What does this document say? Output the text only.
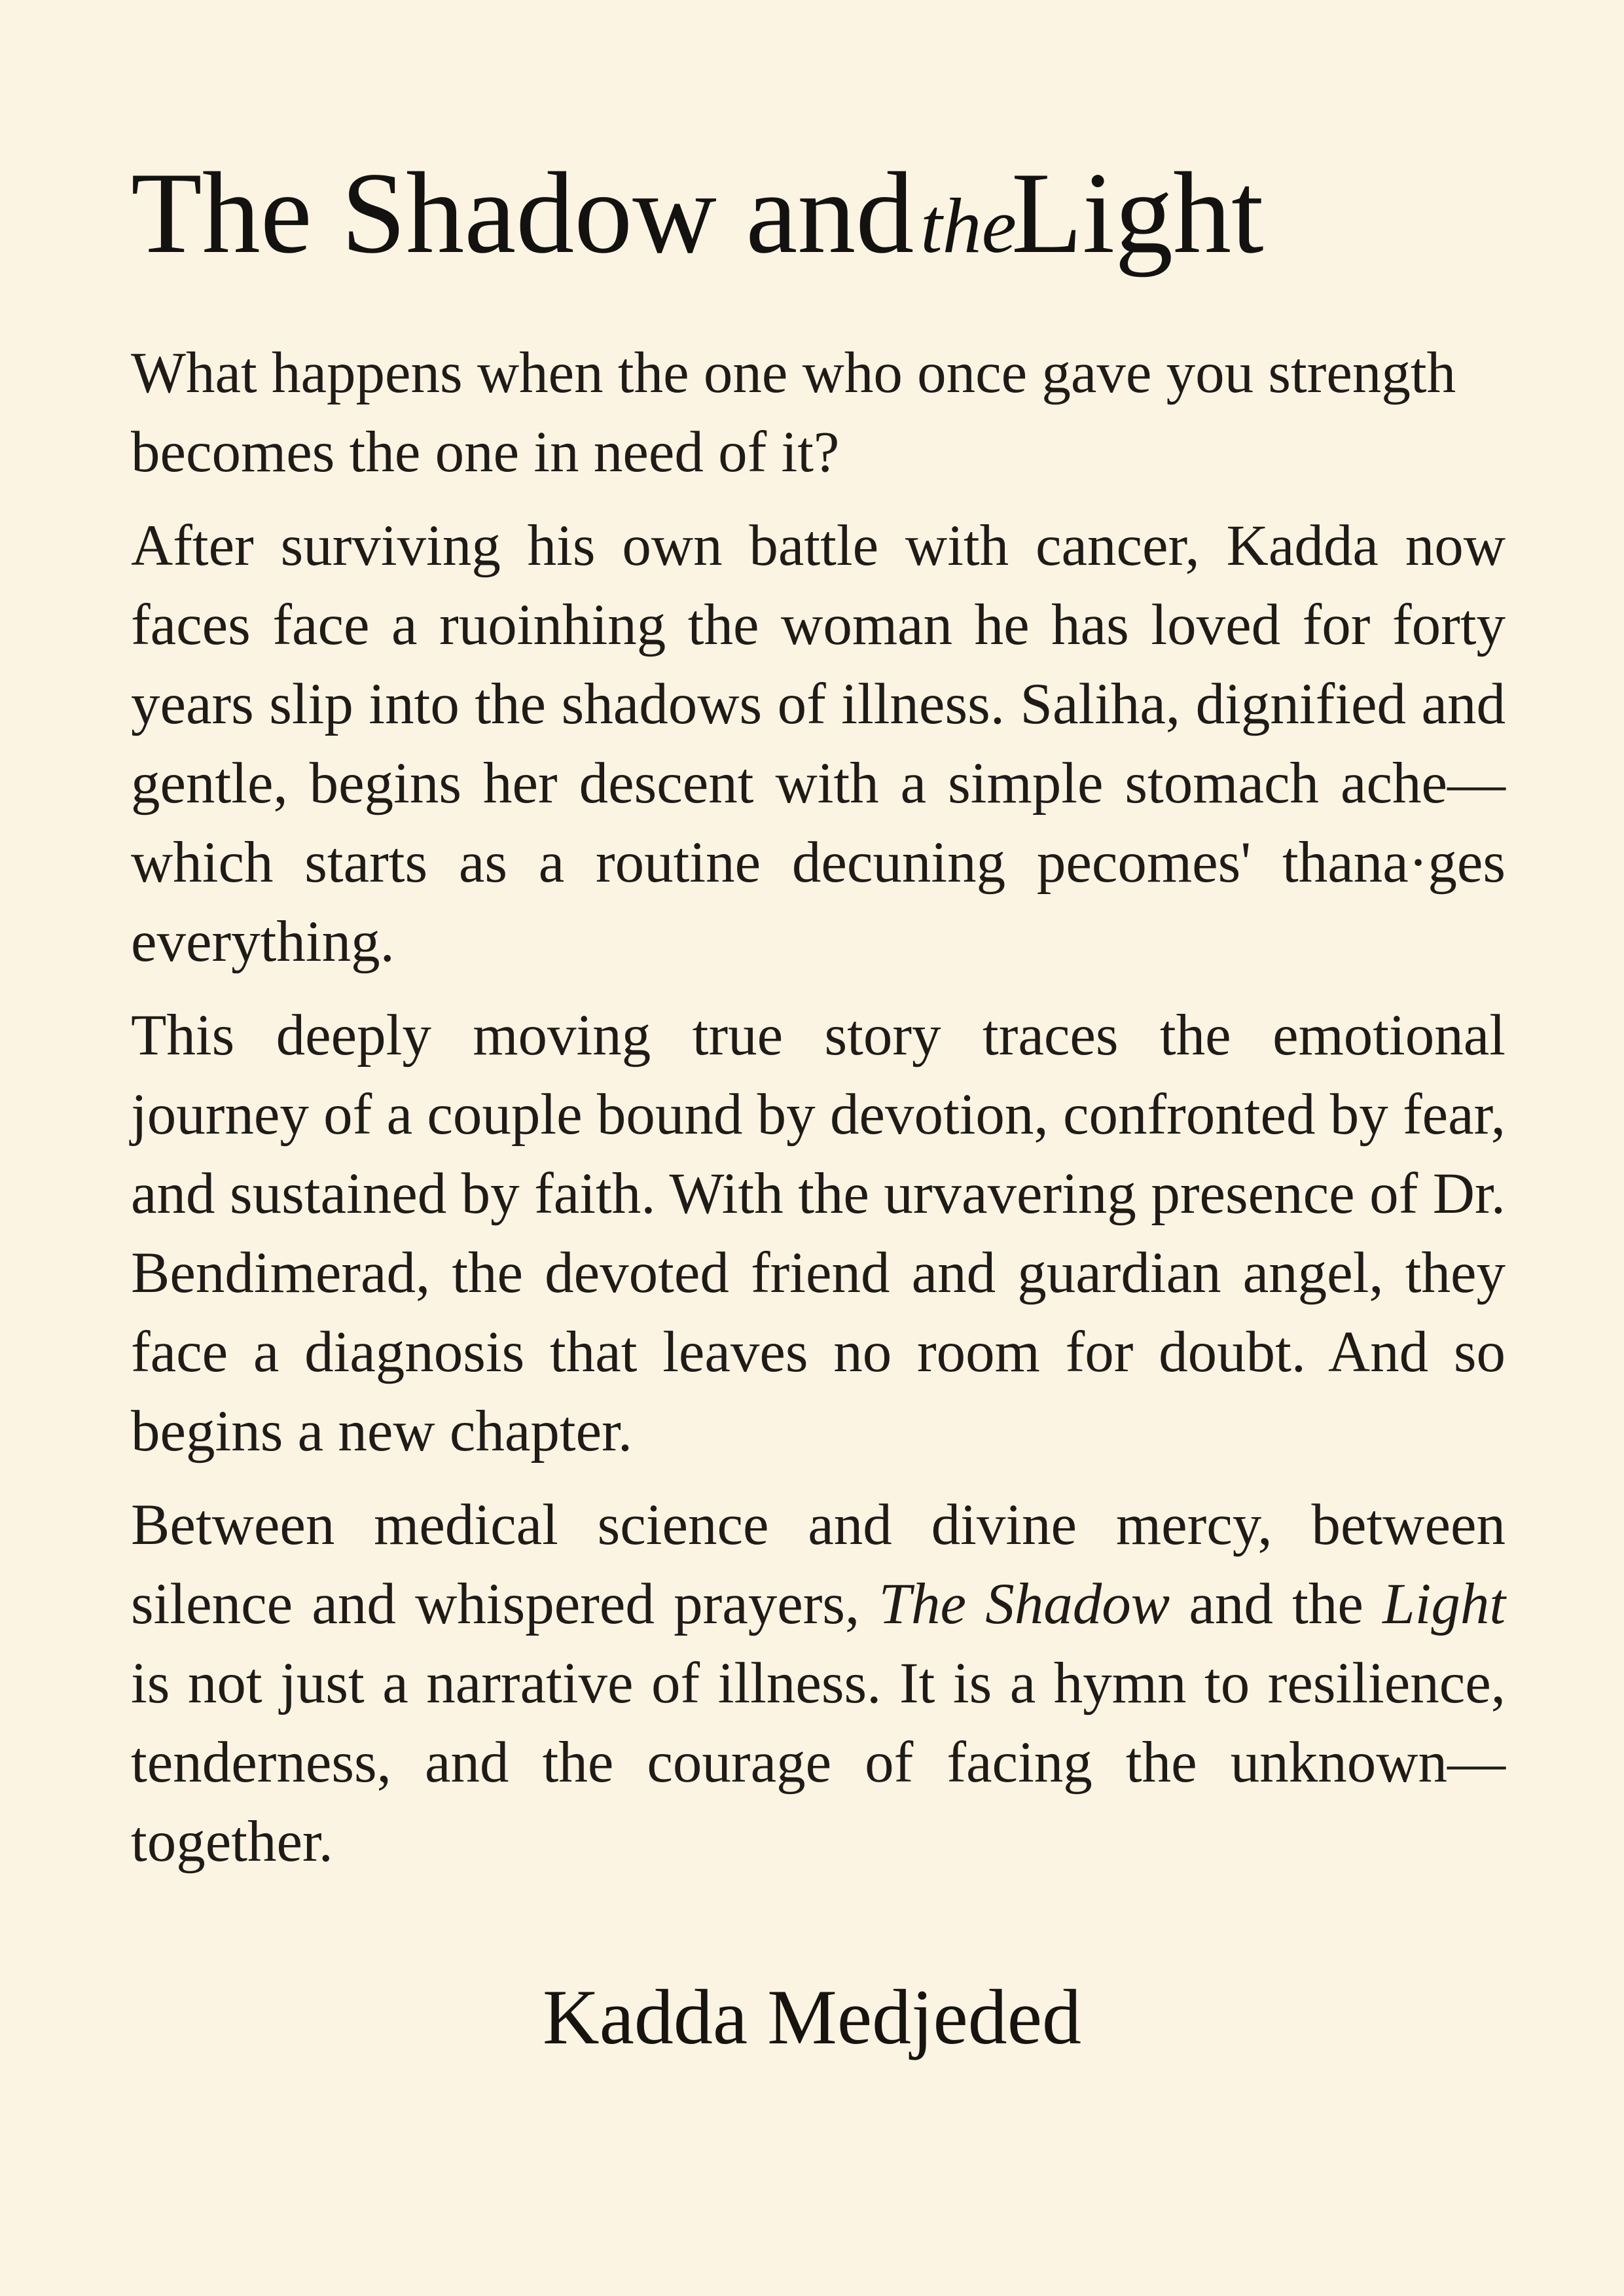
The Shadow andtheLight

What happens when the one who once gave you strength becomes the one in need of it?

After surviving his own battle with cancer, Kadda now faces face a ruoinhing the woman he has loved for forty years slip into the shadows of illness. Saliha, dignified and gentle, begins her descent with a simple stomach ache—which starts as a routine decuning pecomes' thana·ges everything.

This deeply moving true story traces the emotional journey of a couple bound by devotion, confronted by fear, and sustained by faith. With the urvavering presence of Dr. Bendimerad, the devoted friend and guardian angel, they face a diagnosis that leaves no room for doubt. And so begins a new chapter.

Between medical science and divine mercy, between silence and whispered prayers, The Shadow and the Light is not just a narrative of illness. It is a hymn to resilience, tenderness, and the courage of facing the unknown—together.

Kadda Medjeded
